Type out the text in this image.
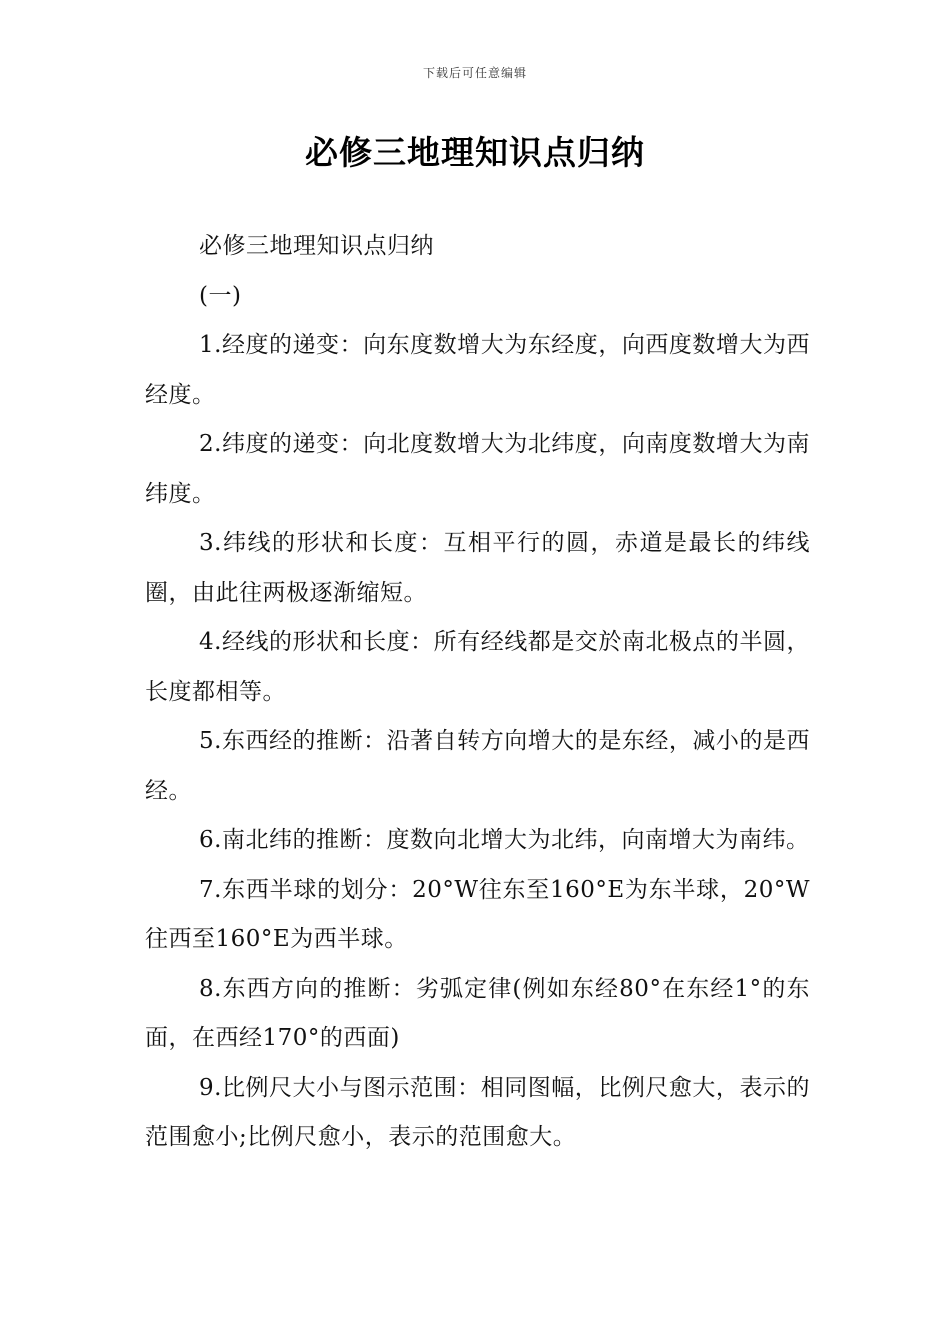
下载后可任意编辑
必修三地理知识点归纳

必修三地理知识点归纳

(一)

1.经度的递变：向东度数增大为东经度，向西度数增大为西经度。

2.纬度的递变：向北度数增大为北纬度，向南度数增大为南纬度。

3.纬线的形状和长度：互相平行的圆，赤道是最长的纬线圈，由此往两极逐渐缩短。

4.经线的形状和长度：所有经线都是交於南北极点的半圆，长度都相等。

5.东西经的推断：沿著自转方向增大的是东经，减小的是西经。

6.南北纬的推断：度数向北增大为北纬，向南增大为南纬。

7.东西半球的划分：20°W往东至160°E为东半球，20°W往西至160°E为西半球。

8.东西方向的推断：劣弧定律(例如东经80°在东经1°的东面，在西经170°的西面)

9.比例尺大小与图示范围：相同图幅，比例尺愈大，表示的范围愈小;比例尺愈小，表示的范围愈大。
